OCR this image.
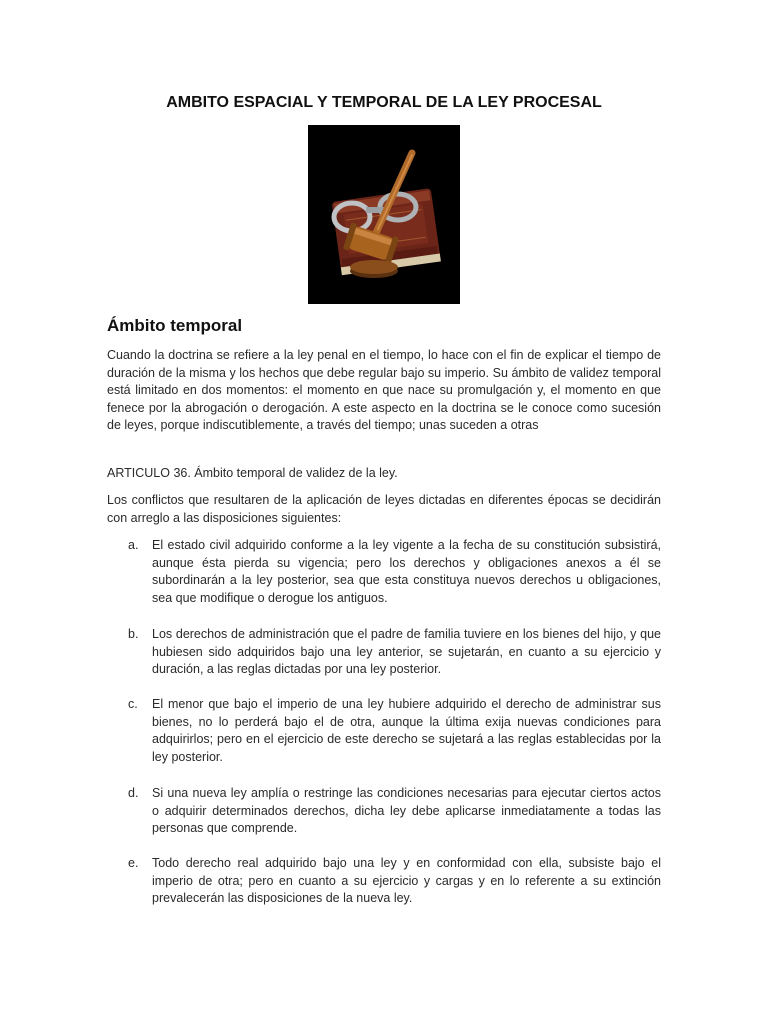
AMBITO ESPACIAL Y TEMPORAL DE LA LEY PROCESAL
Ámbito temporal

Cuando la doctrina se refiere a la ley penal en el tiempo, lo hace con el fin de explicar el tiempo de duración de la misma y los hechos que debe regular bajo su imperio. Su ámbito de validez temporal está limitado en dos momentos: el momento en que nace su promulgación y, el momento en que fenece por la abrogación o derogación. A este aspecto en la doctrina se le conoce como sucesión de leyes, porque indiscutiblemente, a través del tiempo; unas suceden a otras

ARTICULO 36. Ámbito temporal de validez de la ley.

Los conflictos que resultaren de la aplicación de leyes dictadas en diferentes épocas se decidirán con arreglo a las disposiciones siguientes:

a.	El estado civil adquirido conforme a la ley vigente a la fecha de su constitución subsistirá, aunque ésta pierda su vigencia; pero los derechos y obligaciones anexos a él se subordinarán a la ley posterior, sea que esta constituya nuevos derechos u obligaciones, sea que modifique o derogue los antiguos.

b.	Los derechos de administración que el padre de familia tuviere en los bienes del hijo, y que hubiesen sido adquiridos bajo una ley anterior, se sujetarán, en cuanto a su ejercicio y duración, a las reglas dictadas por una ley posterior.

c.	El menor que bajo el imperio de una ley hubiere adquirido el derecho de administrar sus bienes, no lo perderá bajo el de otra, aunque la última exija nuevas condiciones para adquirirlos; pero en el ejercicio de este derecho se sujetará a las reglas establecidas por la ley posterior.

d.	Si una nueva ley amplía o restringe las condiciones necesarias para ejecutar ciertos actos o adquirir determinados derechos, dicha ley debe aplicarse inmediatamente a todas las personas que comprende.

e.	Todo derecho real adquirido bajo una ley y en conformidad con ella, subsiste bajo el imperio de otra; pero en cuanto a su ejercicio y cargas y en lo referente a su extinción prevalecerán las disposiciones de la nueva ley.
